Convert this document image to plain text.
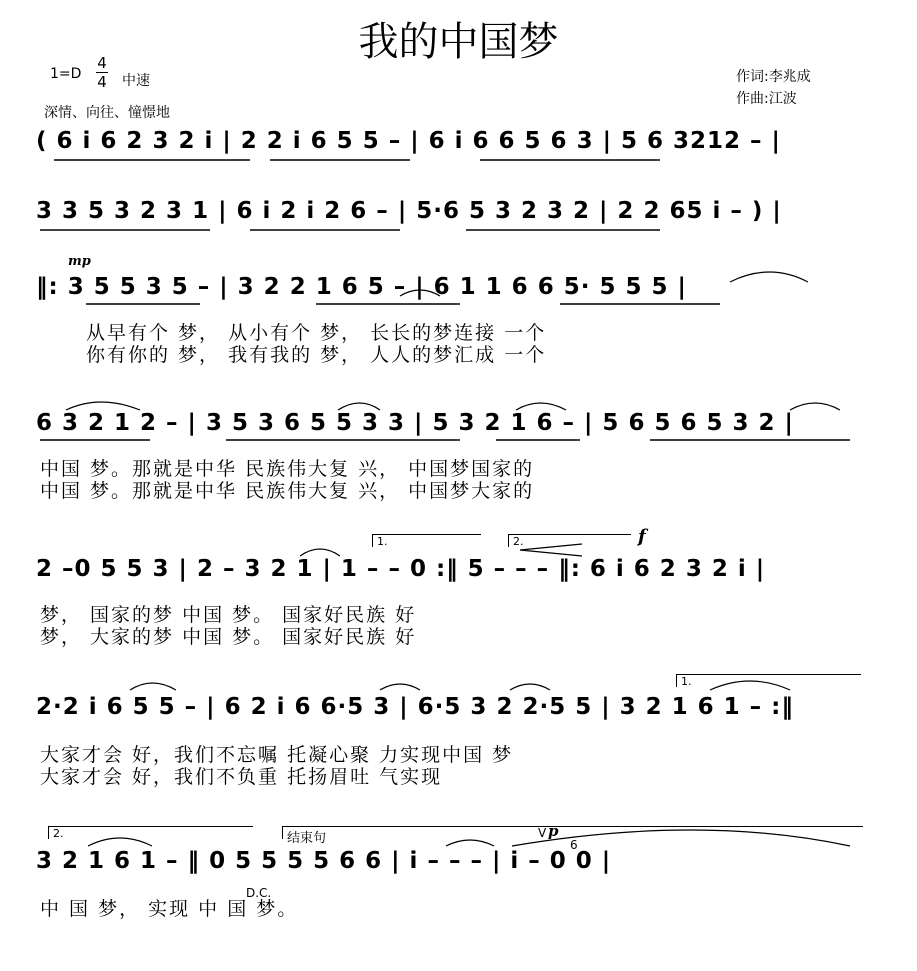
我的中国梦
$1=D \frac{4}{4}$ 中速
深情、向往、憧憬地
作词:李兆成
作曲:江波
( 6 i 6 2 3 2 i | 2 2 i 6 5 5 – | 6 i 6 6 5 6 3 | 5 6 3212 – |
3 3 5 3 2 3 1 | 6 i 2 i 2 6 – | 5·6 5 3 2 3 2 | 2 2 65 i – ) |
‖: 3 5 5 3 5 – | 3 2 2 1 6 5 – | 6 1 1 6 6 5· 5 5 5 |
6 3 2 1 2 – | 3 5 3 6 5 5 3 3 | 5 3 2 1 6 – | 5 6 5 6 5 3 2 |
2 –0 5 5 3 | 2 – 3 2 1 | 1 – – 0 :‖ 5 – – – ‖: 6 i 6 2 3 2 i |
2·2 i 6 5 5 – | 6 2 i 6 6·5 3 | 6·5 3 2 2·5 5 | 3 2 1 6 1 – :‖
3 2 1 6 1 – ‖ 0 5 5 5 5 6 6 | i – – – | i – 0 0 |
从早有个 梦， 从小有个 梦， 长长的梦连接 一个
你有你的 梦， 我有我的 梦， 人人的梦汇成 一个
中国 梦。那就是中华 民族伟大复 兴， 中国梦国家的
中国 梦。那就是中华 民族伟大复 兴， 中国梦大家的
梦， 国家的梦 中国 梦。 国家好民族 好
梦， 大家的梦 中国 梦。 国家好民族 好
大家才会 好，我们不忘嘱 托凝心聚 力实现中国 梦
大家才会 好，我们不负重 托扬眉吐 气实现
中 国 梦， 实现 中 国 梦。
mp
f
p
V
D.C.
6
1.	2.
1.
2.	结束句
